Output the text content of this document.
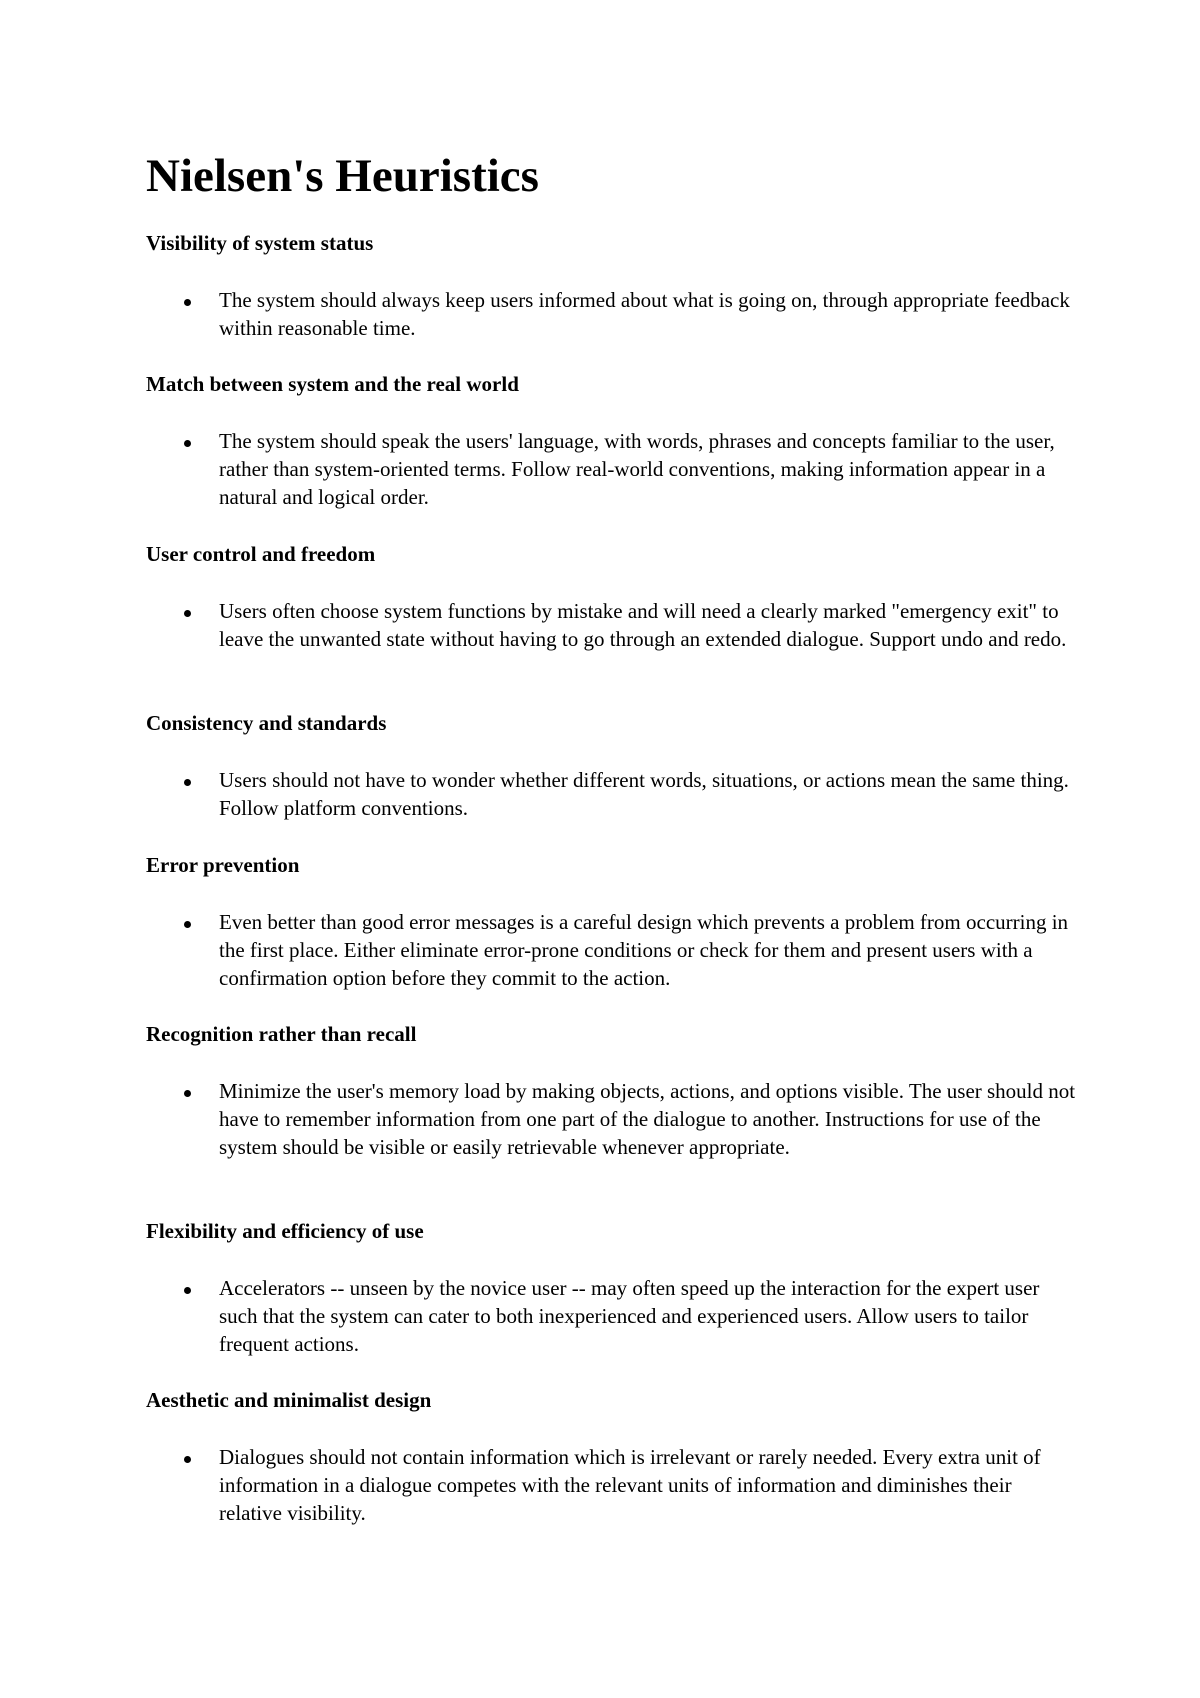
Nielsen's Heuristics
Visibility of system status
The system should always keep users informed about what is going on, through appropriate feedback within reasonable time.
Match between system and the real world
The system should speak the users' language, with words, phrases and concepts familiar to the user, rather than system-oriented terms. Follow real-world conventions, making information appear in a natural and logical order.
User control and freedom
Users often choose system functions by mistake and will need a clearly marked "emergency exit" to leave the unwanted state without having to go through an extended dialogue. Support undo and redo.
Consistency and standards
Users should not have to wonder whether different words, situations, or actions mean the same thing. Follow platform conventions.
Error prevention
Even better than good error messages is a careful design which prevents a problem from occurring in the first place. Either eliminate error-prone conditions or check for them and present users with a confirmation option before they commit to the action.
Recognition rather than recall
Minimize the user's memory load by making objects, actions, and options visible. The user should not have to remember information from one part of the dialogue to another. Instructions for use of the system should be visible or easily retrievable whenever appropriate.
Flexibility and efficiency of use
Accelerators -- unseen by the novice user -- may often speed up the interaction for the expert user such that the system can cater to both inexperienced and experienced users. Allow users to tailor frequent actions.
Aesthetic and minimalist design
Dialogues should not contain information which is irrelevant or rarely needed. Every extra unit of information in a dialogue competes with the relevant units of information and diminishes their relative visibility.
